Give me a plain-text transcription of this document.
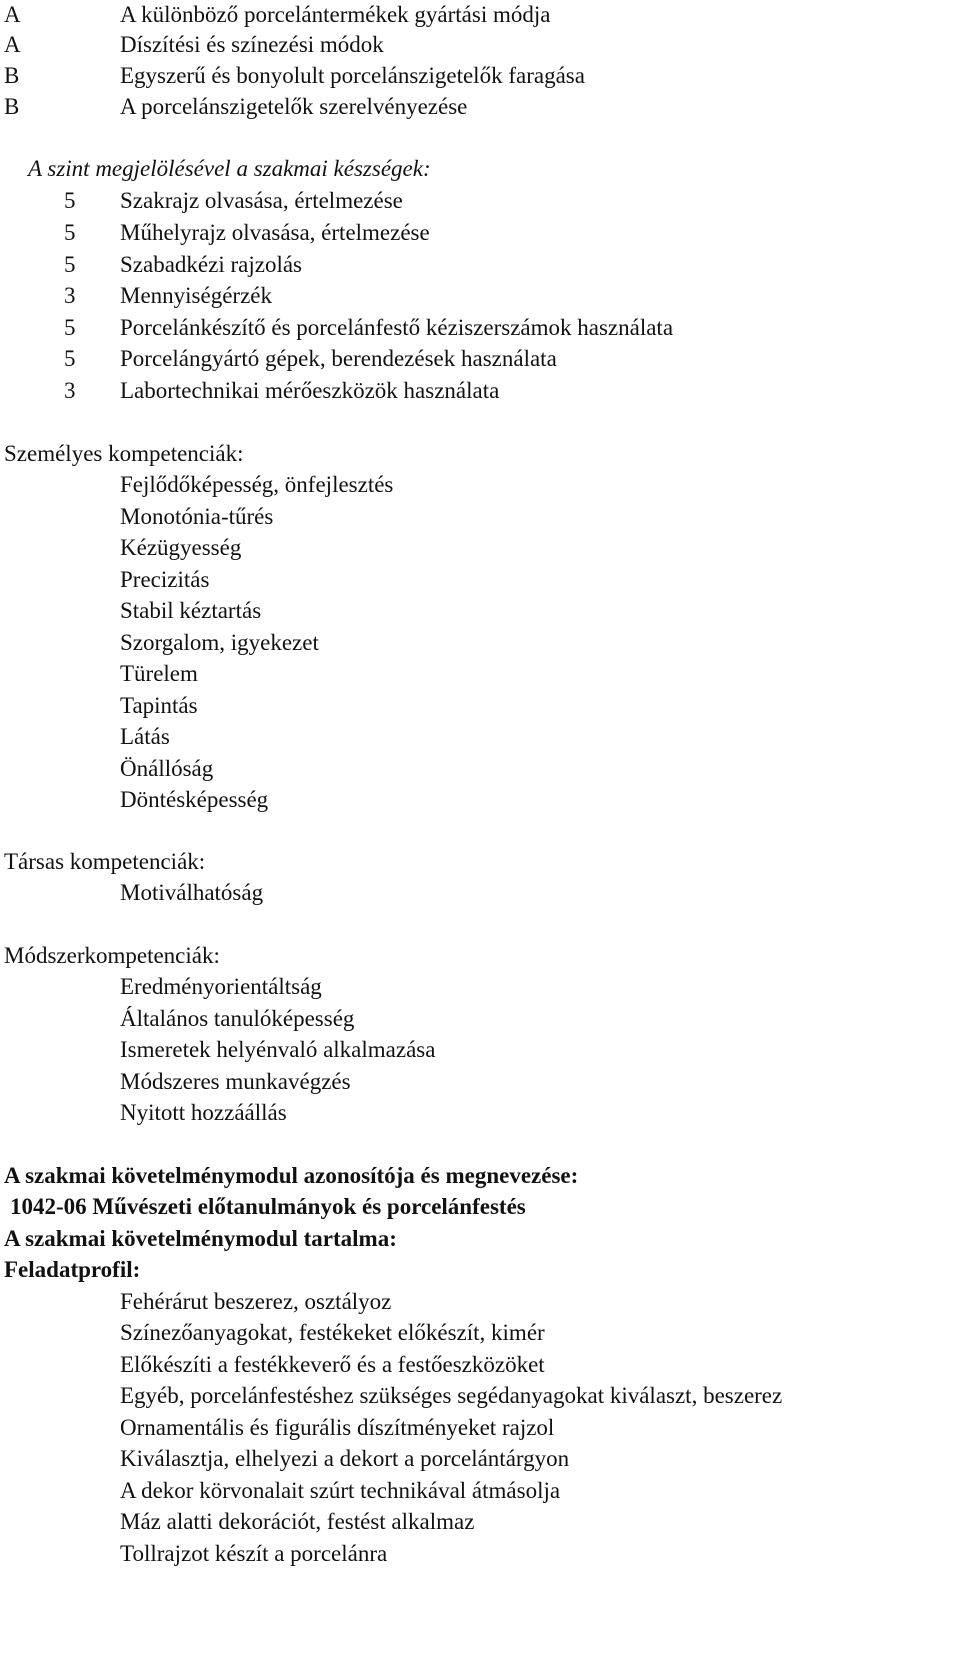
A	A különböző porcelántermékek gyártási módja
A	Díszítési és színezési módok
B	Egyszerű és bonyolult porcelánszigetelők faragása
B	A porcelánszigetelők szerelvényezése
A szint megjelölésével a szakmai készségek:
5 Szakrajz olvasása, értelmezése
5 Műhelyrajz olvasása, értelmezése
5 Szabadkézi rajzolás
3 Mennyiségérzék
5 Porcelánkészítő és porcelánfestő kéziszerszámok használata
5 Porcelángyártó gépek, berendezések használata
3 Labortechnikai mérőeszközök használata
Személyes kompetenciák:
Fejlődőképesség, önfejlesztés
Monotónia-tűrés
Kézügyesség
Precizitás
Stabil kéztartás
Szorgalom, igyekezet
Türelem
Tapintás
Látás
Önállóság
Döntésképesség
Társas kompetenciák:
Motiválhatóság
Módszerkompetenciák:
Eredményorientáltság
Általános tanulóképesség
Ismeretek helyénvaló alkalmazása
Módszeres munkavégzés
Nyitott hozzáállás
A szakmai követelménymodul azonosítója és megnevezése:
1042-06 Művészeti előtanulmányok és porcelánfestés
A szakmai követelménymodul tartalma:
Feladatprofil:
Fehérárut beszerez, osztályoz
Színezőanyagokat, festékeket előkészít, kimér
Előkészíti a festékkeverő és a festőeszközöket
Egyéb, porcelánfestéshez szükséges segédanyagokat kiválaszt, beszerez
Ornamentális és figurális díszítményeket rajzol
Kiválasztja, elhelyezi a dekort a porcelántárgyon
A dekor körvonalait szúrt technikával átmásolja
Máz alatti dekorációt, festést alkalmaz
Tollrajzot készít a porcelánra
